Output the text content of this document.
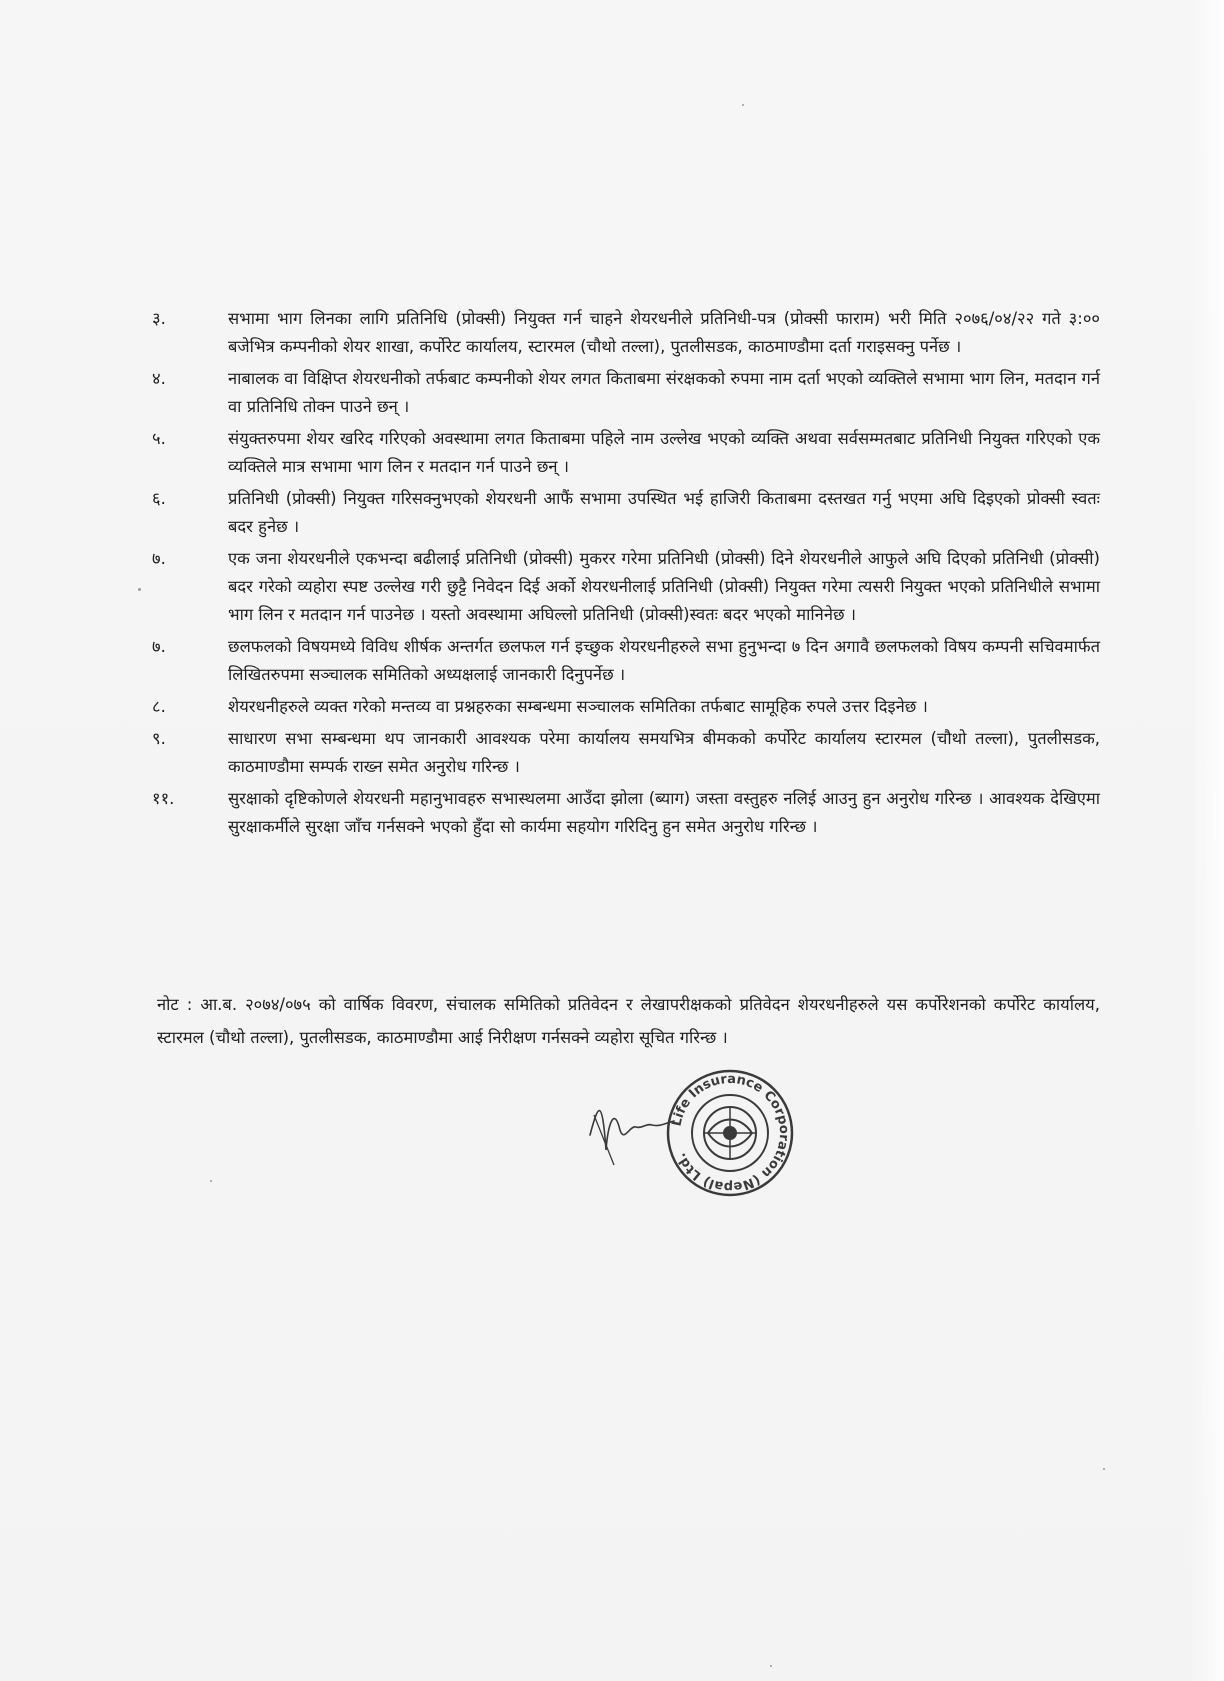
३.	सभामा भाग लिनका लागि प्रतिनिधि (प्रोक्सी) नियुक्त गर्न चाहने शेयरधनीले प्रतिनिधी-पत्र (प्रोक्सी फाराम) भरी मिति २०७६/०४/२२ गते ३:०० बजेभित्र कम्पनीको शेयर शाखा, कर्पोरेट कार्यालय, स्टारमल (चौथो तल्ला), पुतलीसडक, काठमाण्डौमा दर्ता गराइसक्नु पर्नेछ ।
४.	नाबालक वा विक्षिप्त शेयरधनीको तर्फबाट कम्पनीको शेयर लगत किताबमा संरक्षकको रुपमा नाम दर्ता भएको व्यक्तिले सभामा भाग लिन, मतदान गर्न वा प्रतिनिधि तोक्न पाउने छन् ।
५.	संयुक्तरुपमा शेयर खरिद गरिएको अवस्थामा लगत किताबमा पहिले नाम उल्लेख भएको व्यक्ति अथवा सर्वसम्मतबाट प्रतिनिधी नियुक्त गरिएको एक व्यक्तिले मात्र सभामा भाग लिन र मतदान गर्न पाउने छन् ।
६.	प्रतिनिधी (प्रोक्सी) नियुक्त गरिसक्नुभएको शेयरधनी आफैं सभामा उपस्थित भई हाजिरी किताबमा दस्तखत गर्नु भएमा अघि दिइएको प्रोक्सी स्वतः बदर हुनेछ ।
७.	एक जना शेयरधनीले एकभन्दा बढीलाई प्रतिनिधी (प्रोक्सी) मुकरर गरेमा प्रतिनिधी (प्रोक्सी) दिने शेयरधनीले आफुले अघि दिएको प्रतिनिधी (प्रोक्सी) बदर गरेको व्यहोरा स्पष्ट उल्लेख गरी छुट्टै निवेदन दिई अर्को शेयरधनीलाई प्रतिनिधी (प्रोक्सी) नियुक्त गरेमा त्यसरी नियुक्त भएको प्रतिनिधीले सभामा भाग लिन र मतदान गर्न पाउनेछ । यस्तो अवस्थामा अघिल्लो प्रतिनिधी (प्रोक्सी)स्वतः बदर भएको मानिनेछ ।
७.	छलफलको विषयमध्ये विविध शीर्षक अन्तर्गत छलफल गर्न इच्छुक शेयरधनीहरुले सभा हुनुभन्दा ७ दिन अगावै छलफलको विषय कम्पनी सचिवमार्फत लिखितरुपमा सञ्चालक समितिको अध्यक्षलाई जानकारी दिनुपर्नेछ ।
८.	शेयरधनीहरुले व्यक्त गरेको मन्तव्य वा प्रश्नहरुका सम्बन्धमा सञ्चालक समितिका तर्फबाट सामूहिक रुपले उत्तर दिइनेछ ।
९.	साधारण सभा सम्बन्धमा थप जानकारी आवश्यक परेमा कार्यालय समयभित्र बीमकको कर्पोरेट कार्यालय स्टारमल (चौथो तल्ला), पुतलीसडक, काठमाण्डौमा सम्पर्क राख्न समेत अनुरोध गरिन्छ ।
११.	सुरक्षाको दृष्टिकोणले शेयरधनी महानुभावहरु सभास्थलमा आउँदा झोला (ब्याग) जस्ता वस्तुहरु नलिई आउनु हुन अनुरोध गरिन्छ । आवश्यक देखिएमा सुरक्षाकर्मीले सुरक्षा जाँच गर्नसक्ने भएको हुँदा सो कार्यमा सहयोग गरिदिनु हुन समेत अनुरोध गरिन्छ ।
नोट : आ.ब. २०७४/०७५ को वार्षिक विवरण, संचालक समितिको प्रतिवेदन र लेखापरीक्षकको प्रतिवेदन शेयरधनीहरुले यस कर्पोरेशनको कर्पोरेट कार्यालय, स्टारमल (चौथो तल्ला), पुतलीसडक, काठमाण्डौमा आई निरीक्षण गर्नसक्ने व्यहोरा सूचित गरिन्छ ।
Life Insurance Corporation (Nepal) Ltd.
